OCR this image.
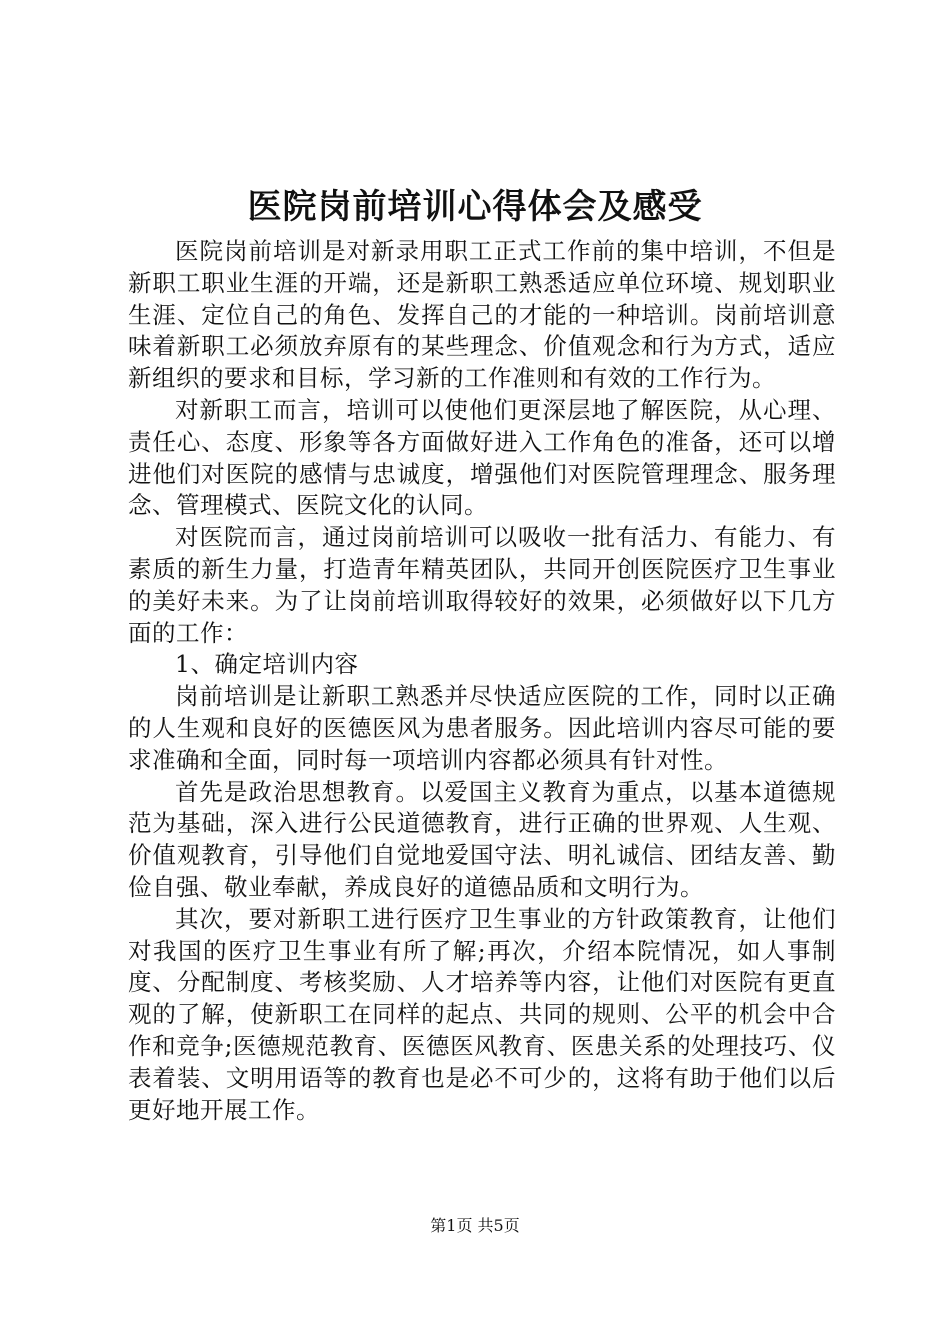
医院岗前培训心得体会及感受

医院岗前培训是对新录用职工正式工作前的集中培训，不但是新职工职业生涯的开端，还是新职工熟悉适应单位环境、规划职业生涯、定位自己的角色、发挥自己的才能的一种培训。岗前培训意味着新职工必须放弃原有的某些理念、价值观念和行为方式，适应新组织的要求和目标，学习新的工作准则和有效的工作行为。

对新职工而言，培训可以使他们更深层地了解医院，从心理、责任心、态度、形象等各方面做好进入工作角色的准备，还可以增进他们对医院的感情与忠诚度，增强他们对医院管理理念、服务理念、管理模式、医院文化的认同。

对医院而言，通过岗前培训可以吸收一批有活力、有能力、有素质的新生力量，打造青年精英团队，共同开创医院医疗卫生事业的美好未来。为了让岗前培训取得较好的效果，必须做好以下几方面的工作：

1、确定培训内容

岗前培训是让新职工熟悉并尽快适应医院的工作，同时以正确的人生观和良好的医德医风为患者服务。因此培训内容尽可能的要求准确和全面，同时每一项培训内容都必须具有针对性。

首先是政治思想教育。以爱国主义教育为重点，以基本道德规范为基础，深入进行公民道德教育，进行正确的世界观、人生观、价值观教育，引导他们自觉地爱国守法、明礼诚信、团结友善、勤俭自强、敬业奉献，养成良好的道德品质和文明行为。

其次，要对新职工进行医疗卫生事业的方针政策教育，让他们对我国的医疗卫生事业有所了解;再次，介绍本院情况，如人事制度、分配制度、考核奖励、人才培养等内容，让他们对医院有更直观的了解，使新职工在同样的起点、共同的规则、公平的机会中合作和竞争;医德规范教育、医德医风教育、医患关系的处理技巧、仪表着装、文明用语等的教育也是必不可少的，这将有助于他们以后更好地开展工作。

第1页 共5页
